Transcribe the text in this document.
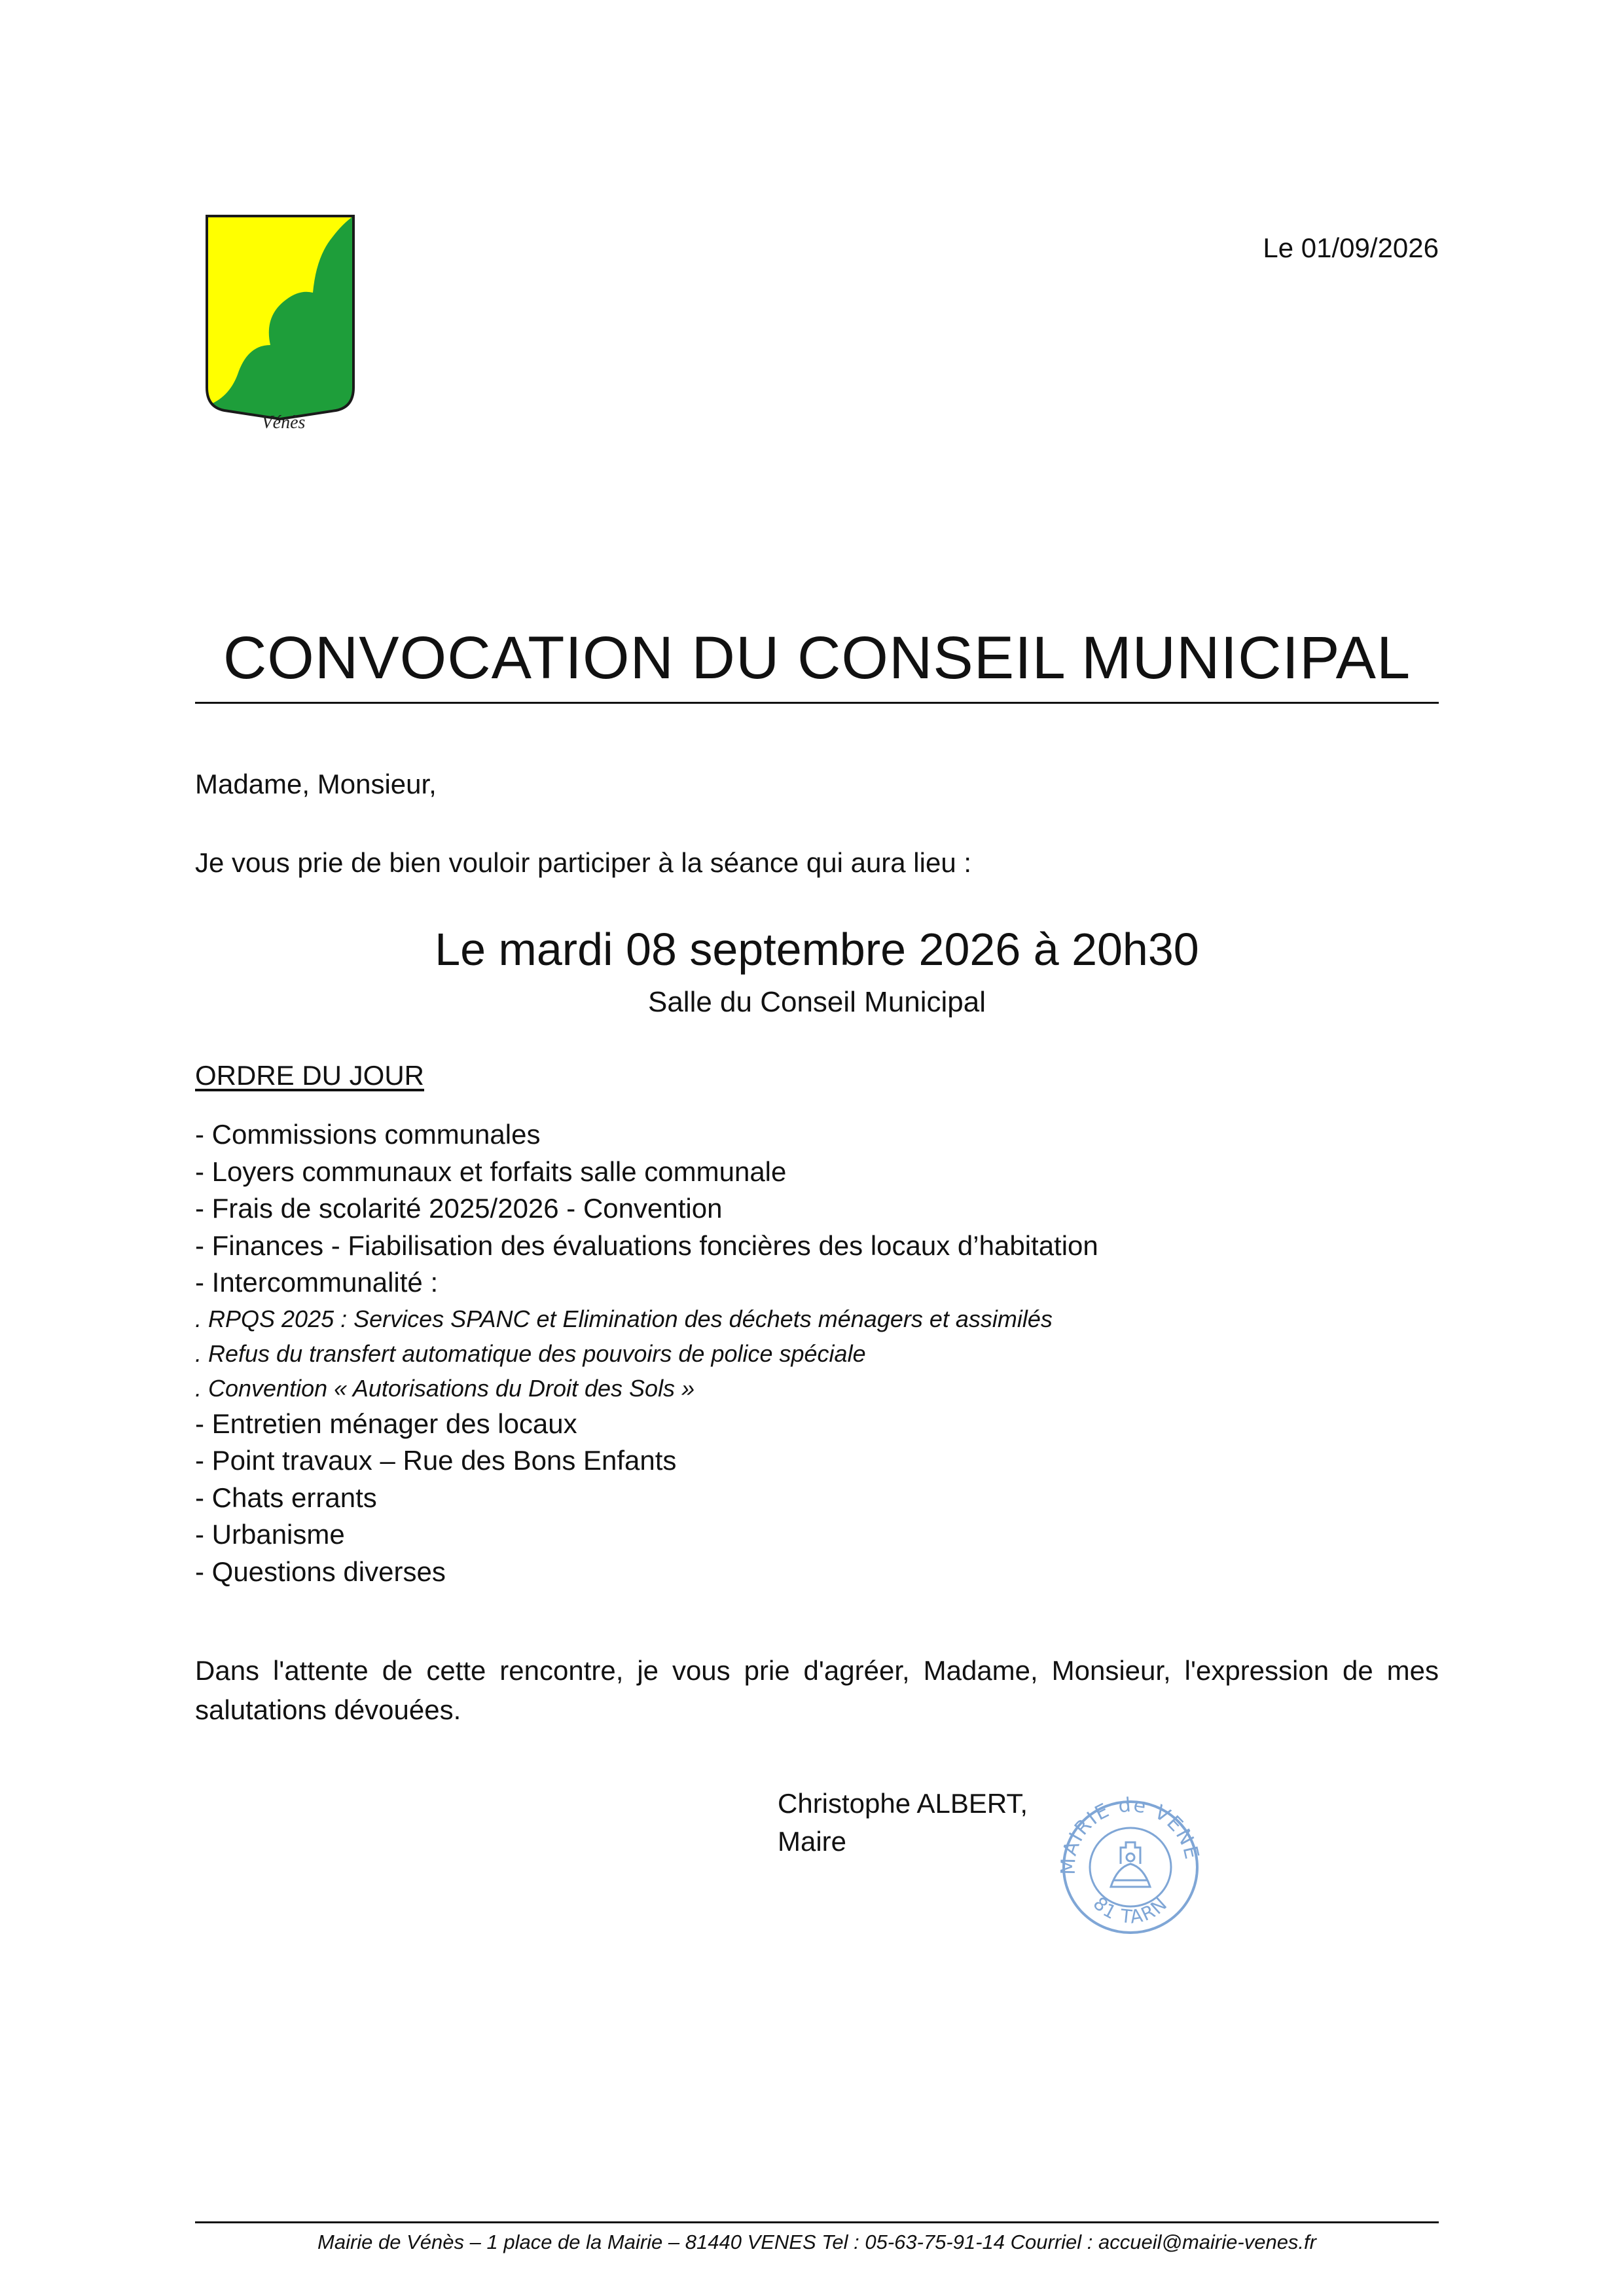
Vénès
Le 01/09/2026
CONVOCATION DU CONSEIL MUNICIPAL
Madame, Monsieur,
Je vous prie de bien vouloir participer à la séance qui aura lieu :
Le mardi 08 septembre 2026 à 20h30
Salle du Conseil Municipal
ORDRE DU JOUR
- Commissions communales
- Loyers communaux et forfaits salle communale
- Frais de scolarité 2025/2026 - Convention
- Finances - Fiabilisation des évaluations foncières des locaux d’habitation
- Intercommunalité :
. RPQS 2025 : Services SPANC et Elimination des déchets ménagers et assimilés
. Refus du transfert automatique des pouvoirs de police spéciale
. Convention « Autorisations du Droit des Sols »
- Entretien ménager des locaux
- Point travaux – Rue des Bons Enfants
- Chats errants
- Urbanisme
- Questions diverses
Dans l'attente de cette rencontre, je vous prie d'agréer, Madame, Monsieur, l'expression de mes salutations dévouées.
Christophe ALBERT,
Maire
MAIRIE de VENE
81 TARN
Mairie de Vénès – 1 place de la Mairie – 81440 VENES Tel : 05-63-75-91-14 Courriel : accueil@mairie-venes.fr
